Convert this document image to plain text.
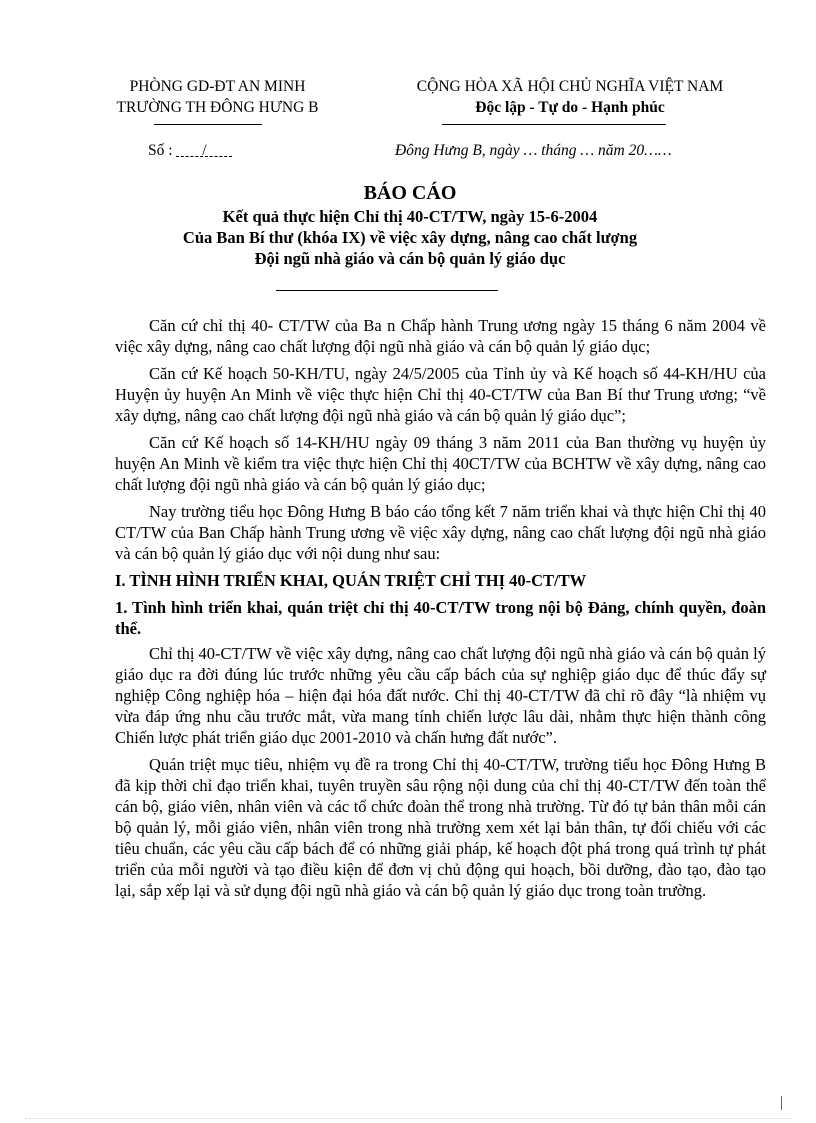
PHÒNG GD-ĐT AN MINH
TRƯỜNG TH ĐÔNG HƯNG B
CỘNG HÒA XÃ HỘI CHỦ NGHĨA VIỆT NAM
Độc lập - Tự do - Hạnh phúc
Số : /	Đông Hưng B, ngày … tháng … năm 20……
BÁO CÁO
Kết quả thực hiện Chỉ thị 40-CT/TW, ngày 15-6-2004
Của Ban Bí thư (khóa IX) về việc xây dựng, nâng cao chất lượng
Đội ngũ nhà giáo và cán bộ quản lý giáo dục

Căn cứ chỉ thị 40- CT/TW của Ba n Chấp hành Trung ương ngày 15 tháng 6 năm 2004 về việc xây dựng, nâng cao chất lượng đội ngũ nhà giáo và cán bộ quản lý giáo dục;

Căn cứ Kế hoạch 50-KH/TU, ngày 24/5/2005 của Tỉnh ủy và Kế hoạch số 44-KH/HU của Huyện ủy huyện An Minh về việc thực hiện Chỉ thị 40-CT/TW của Ban Bí thư Trung ương; “về xây dựng, nâng cao chất lượng đội ngũ nhà giáo và cán bộ quản lý giáo dục”;

Căn cứ Kế hoạch số 14-KH/HU ngày 09 tháng 3 năm 2011 của Ban thường vụ huyện ủy huyện An Minh về kiểm tra việc thực hiện Chỉ thị 40CT/TW của BCHTW về xây dựng, nâng cao chất lượng đội ngũ nhà giáo và cán bộ quản lý giáo dục;

Nay trường tiểu học Đông Hưng B báo cáo tổng kết 7 năm triển khai và thực hiện Chỉ thị 40 CT/TW của Ban Chấp hành Trung ương về việc xây dựng, nâng cao chất lượng đội ngũ nhà giáo và cán bộ quản lý giáo dục với nội dung như sau:

I. TÌNH HÌNH TRIỂN KHAI, QUÁN TRIỆT CHỈ THỊ 40-CT/TW
1. Tình hình triển khai, quán triệt chỉ thị 40-CT/TW trong nội bộ Đảng, chính quyền, đoàn thể.

Chỉ thị 40-CT/TW về việc xây dựng, nâng cao chất lượng đội ngũ nhà giáo và cán bộ quản lý giáo dục ra đời đúng lúc trước những yêu cầu cấp bách của sự nghiệp giáo dục để thúc đẩy sự nghiệp Công nghiệp hóa – hiện đại hóa đất nước. Chỉ thị 40-CT/TW đã chỉ rõ đây “là nhiệm vụ vừa đáp ứng nhu cầu trước mắt, vừa mang tính chiến lược lâu dài, nhằm thực hiện thành công Chiến lược phát triển giáo dục 2001-2010 và chấn hưng đất nước”.

Quán triệt mục tiêu, nhiệm vụ đề ra trong Chỉ thị 40-CT/TW, trường tiểu học Đông Hưng B đã kịp thời chỉ đạo triển khai, tuyên truyền sâu rộng nội dung của chỉ thị 40-CT/TW đến toàn thể cán bộ, giáo viên, nhân viên và các tổ chức đoàn thể trong nhà trường. Từ đó tự bản thân mỗi cán bộ quản lý, mỗi giáo viên, nhân viên trong nhà trường xem xét lại bản thân, tự đối chiếu với các tiêu chuẩn, các yêu cầu cấp bách để có những giải pháp, kế hoạch đột phá trong quá trình tự phát triển của mỗi người và tạo điều kiện để đơn vị chủ động qui hoạch, bồi dưỡng, đào tạo, đào tạo lại, sắp xếp lại và sử dụng đội ngũ nhà giáo và cán bộ quản lý giáo dục trong toàn trường.
